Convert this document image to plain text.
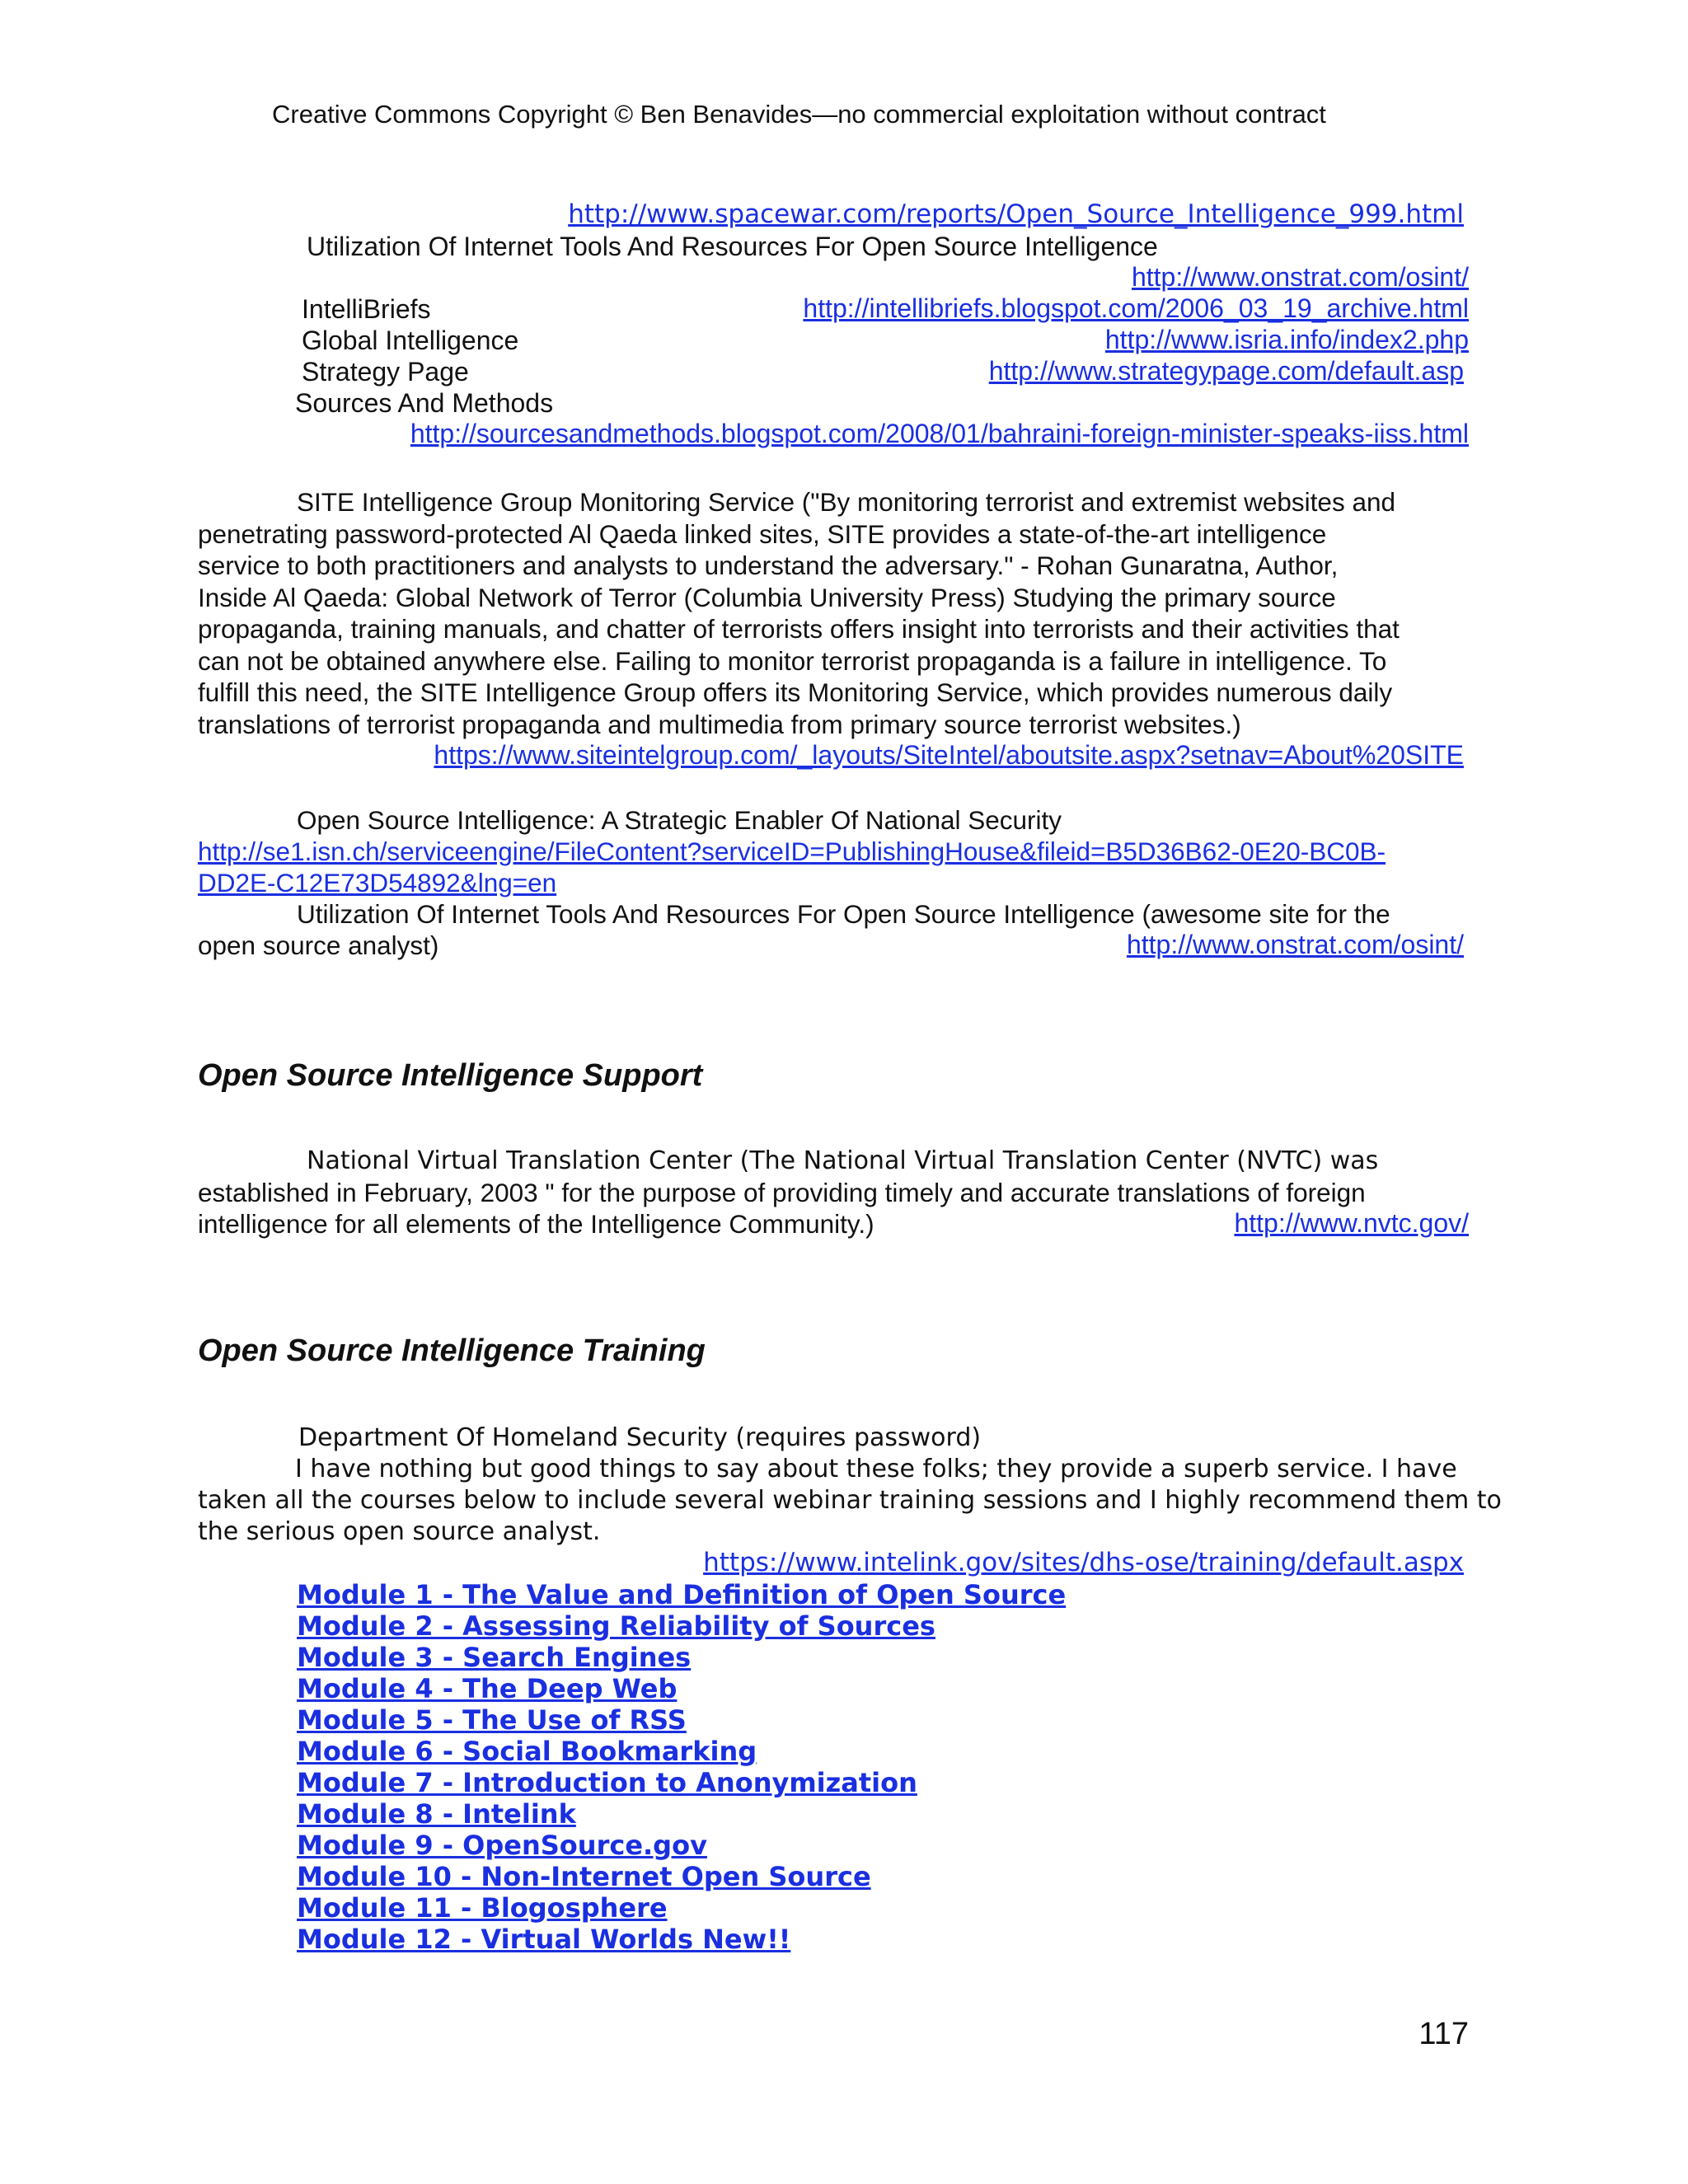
Creative Commons Copyright © Ben Benavides—no commercial exploitation without contract
http://www.spacewar.com/reports/Open_Source_Intelligence_999.html
Utilization Of Internet Tools And Resources For Open Source Intelligence
http://www.onstrat.com/osint/
IntelliBriefs	http://intellibriefs.blogspot.com/2006_03_19_archive.html
Global Intelligence	http://www.isria.info/index2.php
Strategy Page	http://www.strategypage.com/default.asp
Sources And Methods
http://sourcesandmethods.blogspot.com/2008/01/bahraini-foreign-minister-speaks-iiss.html
SITE Intelligence Group Monitoring Service ("By monitoring terrorist and extremist websites and
penetrating password-protected Al Qaeda linked sites, SITE provides a state-of-the-art intelligence
service to both practitioners and analysts to understand the adversary." - Rohan Gunaratna, Author,
Inside Al Qaeda: Global Network of Terror (Columbia University Press) Studying the primary source
propaganda, training manuals, and chatter of terrorists offers insight into terrorists and their activities that
can not be obtained anywhere else. Failing to monitor terrorist propaganda is a failure in intelligence. To
fulfill this need, the SITE Intelligence Group offers its Monitoring Service, which provides numerous daily
translations of terrorist propaganda and multimedia from primary source terrorist websites.)
https://www.siteintelgroup.com/_layouts/SiteIntel/aboutsite.aspx?setnav=About%20SITE
Open Source Intelligence: A Strategic Enabler Of National Security
http://se1.isn.ch/serviceengine/FileContent?serviceID=PublishingHouse&fileid=B5D36B62-0E20-BC0B-
DD2E-C12E73D54892&lng=en
Utilization Of Internet Tools And Resources For Open Source Intelligence (awesome site for the
open source analyst)	http://www.onstrat.com/osint/
Open Source Intelligence Support
National Virtual Translation Center (The National Virtual Translation Center (NVTC) was
established in February, 2003 " for the purpose of providing timely and accurate translations of foreign
intelligence for all elements of the Intelligence Community.)	http://www.nvtc.gov/
Open Source Intelligence Training
Department Of Homeland Security (requires password)
I have nothing but good things to say about these folks; they provide a superb service. I have
taken all the courses below to include several webinar training sessions and I highly recommend them to
the serious open source analyst.
https://www.intelink.gov/sites/dhs-ose/training/default.aspx
Module 1 - The Value and Definition of Open Source
Module 2 - Assessing Reliability of Sources
Module 3 - Search Engines
Module 4 - The Deep Web
Module 5 - The Use of RSS
Module 6 - Social Bookmarking
Module 7 - Introduction to Anonymization
Module 8 - Intelink
Module 9 - OpenSource.gov
Module 10 - Non-Internet Open Source
Module 11 - Blogosphere
Module 12 - Virtual Worlds New!!
117
